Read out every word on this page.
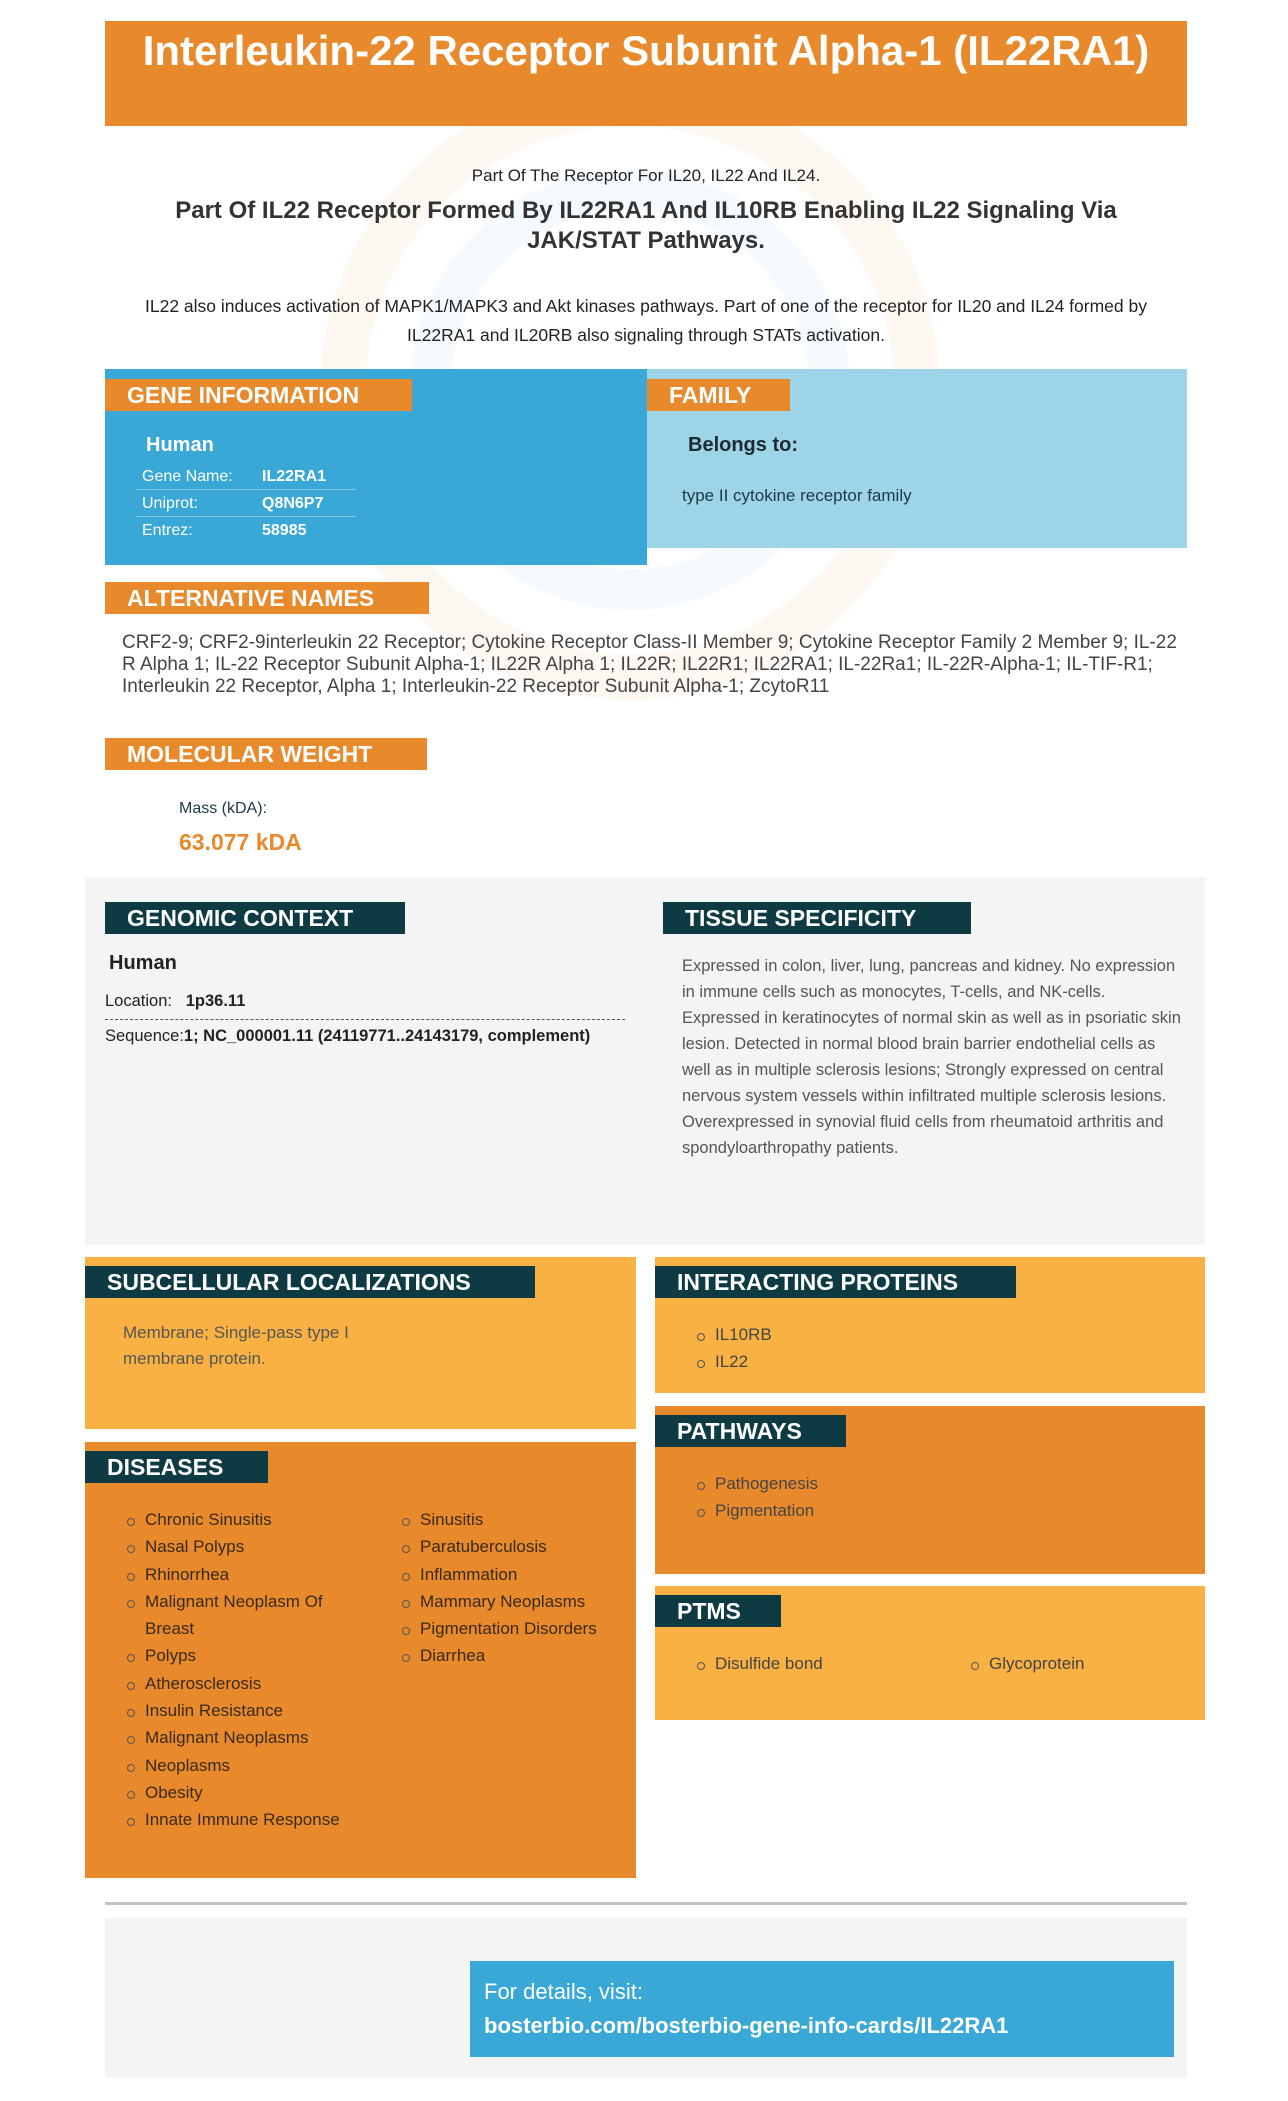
Interleukin-22 Receptor Subunit Alpha-1 (IL22RA1)
Part Of The Receptor For IL20, IL22 And IL24.
Part Of IL22 Receptor Formed By IL22RA1 And IL10RB Enabling IL22 Signaling Via JAK/STAT Pathways.
IL22 also induces activation of MAPK1/MAPK3 and Akt kinases pathways. Part of one of the receptor for IL20 and IL24 formed by IL22RA1 and IL20RB also signaling through STATs activation.
GENE INFORMATION
Human
Gene Name:	IL22RA1
Uniprot:	Q8N6P7
Entrez:	58985
FAMILY
Belongs to:
type II cytokine receptor family
ALTERNATIVE NAMES
CRF2-9; CRF2-9interleukin 22 Receptor; Cytokine Receptor Class-II Member 9; Cytokine Receptor Family 2 Member 9; IL-22 R Alpha 1; IL-22 Receptor Subunit Alpha-1; IL22R Alpha 1; IL22R; IL22R1; IL22RA1; IL-22Ra1; IL-22R-Alpha-1; IL-TIF-R1; Interleukin 22 Receptor, Alpha 1; Interleukin-22 Receptor Subunit Alpha-1; ZcytoR11
MOLECULAR WEIGHT
Mass (kDA):
63.077 kDA
GENOMIC CONTEXT
Human
Location: 1p36.11
Sequence:1; NC_000001.11 (24119771..24143179, complement)
TISSUE SPECIFICITY
Expressed in colon, liver, lung, pancreas and kidney. No expression in immune cells such as monocytes, T-cells, and NK-cells. Expressed in keratinocytes of normal skin as well as in psoriatic skin lesion. Detected in normal blood brain barrier endothelial cells as well as in multiple sclerosis lesions; Strongly expressed on central nervous system vessels within infiltrated multiple sclerosis lesions. Overexpressed in synovial fluid cells from rheumatoid arthritis and spondyloarthropathy patients.
SUBCELLULAR LOCALIZATIONS
Membrane; Single-pass type I membrane protein.
INTERACTING PROTEINS
IL10RB
IL22
PATHWAYS
Pathogenesis
Pigmentation
PTMS
Disulfide bond	Glycoprotein
DISEASES
Chronic Sinusitis
Nasal Polyps
Rhinorrhea
Malignant Neoplasm Of Breast
Polyps
Atherosclerosis
Insulin Resistance
Malignant Neoplasms
Neoplasms
Obesity
Innate Immune Response
Sinusitis
Paratuberculosis
Inflammation
Mammary Neoplasms
Pigmentation Disorders
Diarrhea
For details, visit:
bosterbio.com/bosterbio-gene-info-cards/IL22RA1
